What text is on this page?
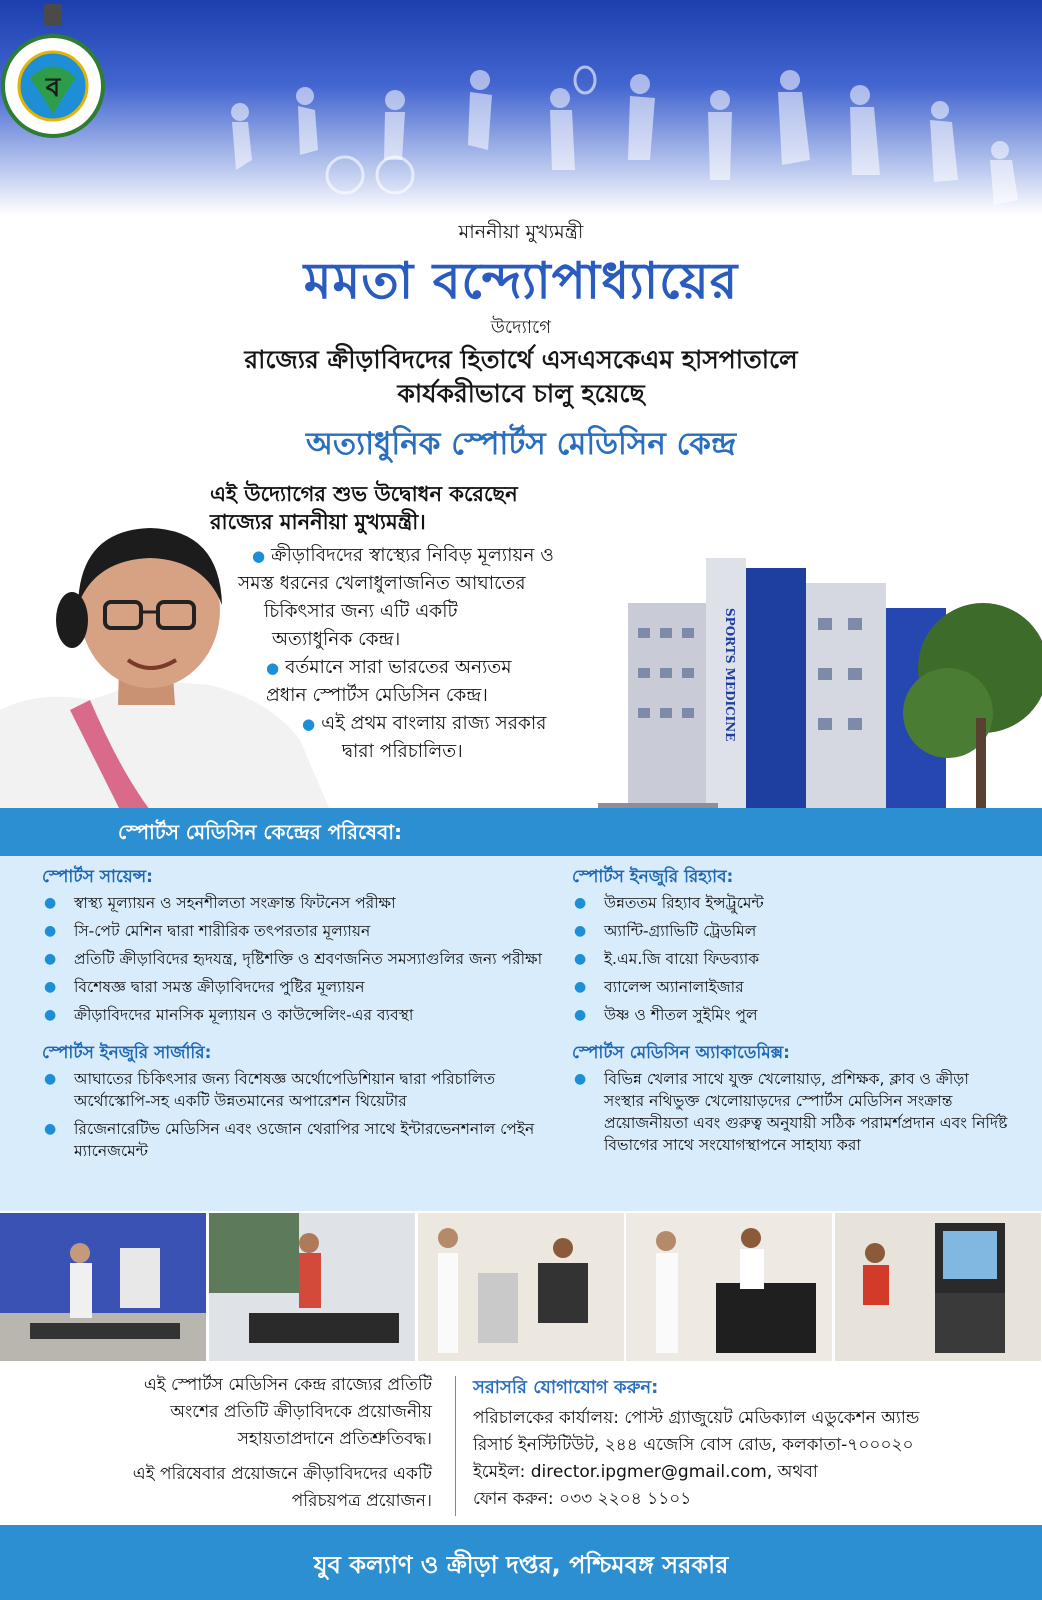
ব
মাননীয়া মুখ্যমন্ত্রী
মমতা বন্দ্যোপাধ্যায়ের
উদ্যোগে
রাজ্যের ক্রীড়াবিদদের হিতার্থে এসএসকেএম হাসপাতালে
কার্যকরীভাবে চালু হয়েছে
অত্যাধুনিক স্পোর্টস মেডিসিন কেন্দ্র
এই উদ্যোগের শুভ উদ্বোধন করেছেন
রাজ্যের মাননীয়া মুখ্যমন্ত্রী।
● ক্রীড়াবিদদের স্বাস্থ্যের নিবিড় মূল্যায়ন ও
সমস্ত ধরনের খেলাধুলাজনিত আঘাতের
চিকিৎসার জন্য এটি একটি
অত্যাধুনিক কেন্দ্র।
● বর্তমানে সারা ভারতের অন্যতম
প্রধান স্পোর্টস মেডিসিন কেন্দ্র।
● এই প্রথম বাংলায় রাজ্য সরকার
দ্বারা পরিচালিত।
SPORTS MEDICINE
স্পোর্টস মেডিসিন কেন্দ্রের পরিষেবা:
স্পোর্টস সায়েন্স:
● স্বাস্থ্য মূল্যায়ন ও সহনশীলতা সংক্রান্ত ফিটনেস পরীক্ষা
● সি-পেট মেশিন দ্বারা শারীরিক তৎপরতার মূল্যায়ন
● প্রতিটি ক্রীড়াবিদের হৃদযন্ত্র, দৃষ্টিশক্তি ও শ্রবণজনিত সমস্যাগুলির জন্য পরীক্ষা
● বিশেষজ্ঞ দ্বারা সমস্ত ক্রীড়াবিদদের পুষ্টির মূল্যায়ন
● ক্রীড়াবিদদের মানসিক মূল্যায়ন ও কাউন্সেলিং-এর ব্যবস্থা
স্পোর্টস ইনজুরি সার্জারি:
● আঘাতের চিকিৎসার জন্য বিশেষজ্ঞ অর্থোপেডিশিয়ান দ্বারা পরিচালিত অর্থোস্কোপি-সহ একটি উন্নতমানের অপারেশন থিয়েটার
● রিজেনারেটিভ মেডিসিন এবং ওজোন থেরাপির সাথে ইন্টারভেনশনাল পেইন ম্যানেজমেন্ট
স্পোর্টস ইনজুরি রিহ্যাব:
● উন্নততম রিহ্যাব ইন্সট্রুমেন্ট
● অ্যান্টি-গ্র্যাভিটি ট্রেডমিল
● ই.এম.জি বায়ো ফিডব্যাক
● ব্যালেন্স অ্যানালাইজার
● উষ্ণ ও শীতল সুইমিং পুল
স্পোর্টস মেডিসিন অ্যাকাডেমিক্স:
● বিভিন্ন খেলার সাথে যুক্ত খেলোয়াড়, প্রশিক্ষক, ক্লাব ও ক্রীড়া সংস্থার নথিভুক্ত খেলোয়াড়দের স্পোর্টস মেডিসিন সংক্রান্ত প্রয়োজনীয়তা এবং গুরুত্ব অনুযায়ী সঠিক পরামর্শপ্রদান এবং নির্দিষ্ট বিভাগের সাথে সংযোগস্থাপনে সাহায্য করা
এই স্পোর্টস মেডিসিন কেন্দ্র রাজ্যের প্রতিটি
অংশের প্রতিটি ক্রীড়াবিদকে প্রয়োজনীয়
সহায়তাপ্রদানে প্রতিশ্রুতিবদ্ধ।
এই পরিষেবার প্রয়োজনে ক্রীড়াবিদদের একটি
পরিচয়পত্র প্রয়োজন।
সরাসরি যোগাযোগ করুন:
পরিচালকের কার্যালয়: পোস্ট গ্র্যাজুয়েট মেডিক্যাল এডুকেশন অ্যান্ড
রিসার্চ ইনস্টিটিউট, ২৪৪ এজেসি বোস রোড, কলকাতা-৭০০০২০
ইমেইল: director.ipgmer@gmail.com, অথবা
ফোন করুন: ০৩৩ ২২০৪ ১১০১
যুব কল্যাণ ও ক্রীড়া দপ্তর, পশ্চিমবঙ্গ সরকার
